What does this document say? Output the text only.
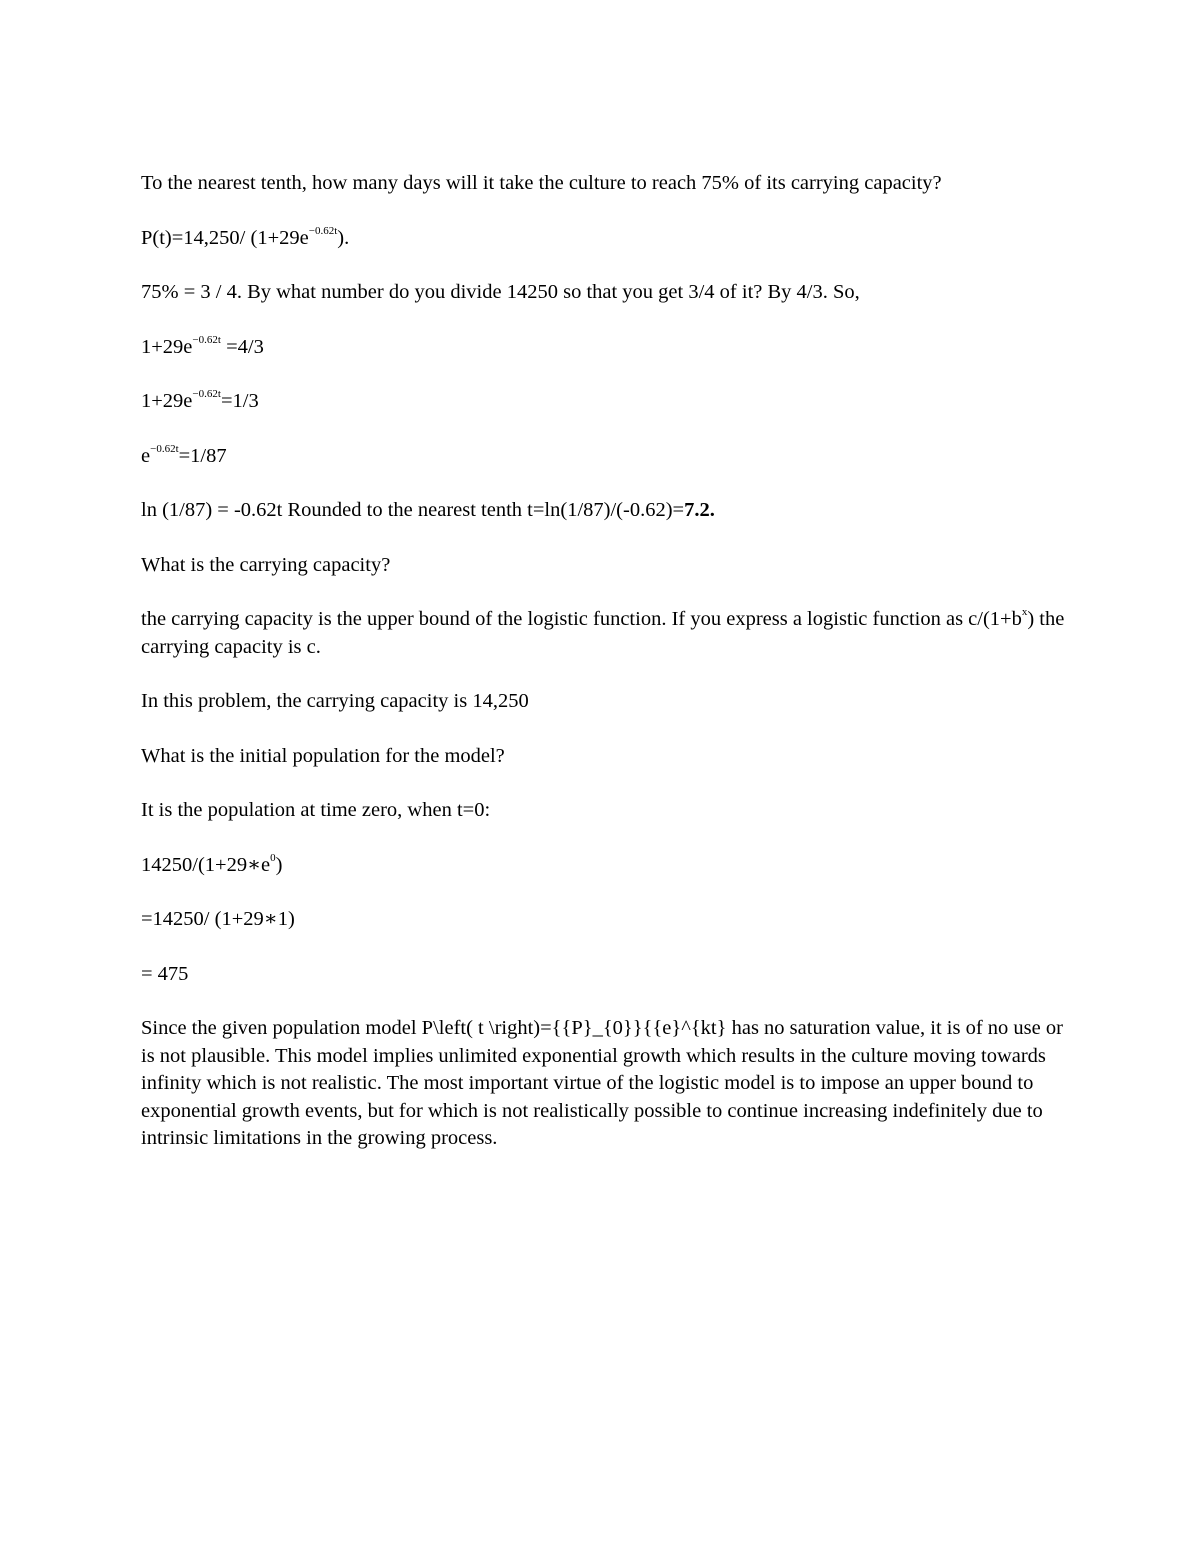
To the nearest tenth, how many days will it take the culture to reach 75% of its carrying capacity?

P(t)=14,250/ $(1+29e^{-0.62t})$.

75% = 3 / 4. By what number do you divide 14250 so that you get 3/4 of it? By 4/3. So,

$1+29e^{-0.62t} =4/3$

$1+29e^{-0.62t}=1/3$

$e^{-0.62t}=1/87$

ln (1/87) = -0.62t Rounded to the nearest tenth t=ln(1/87)/(-0.62)=7.2.

What is the carrying capacity?

the carrying capacity is the upper bound of the logistic function. If you express a logistic function as $c/(1+b^x)$ the carrying capacity is c.

In this problem, the carrying capacity is 14,250

What is the initial population for the model?

It is the population at time zero, when t=0:

$14250/(1+29∗e^0)$

=14250/ (1+29∗1)

= 475

Since the given population model P\left( t \right)={{P}_{0}}{{e}^{kt} has no saturation value, it is of no use or is not plausible. This model implies unlimited exponential growth which results in the culture moving towards infinity which is not realistic. The most important virtue of the logistic model is to impose an upper bound to exponential growth events, but for which is not realistically possible to continue increasing indefinitely due to intrinsic limitations in the growing process.
